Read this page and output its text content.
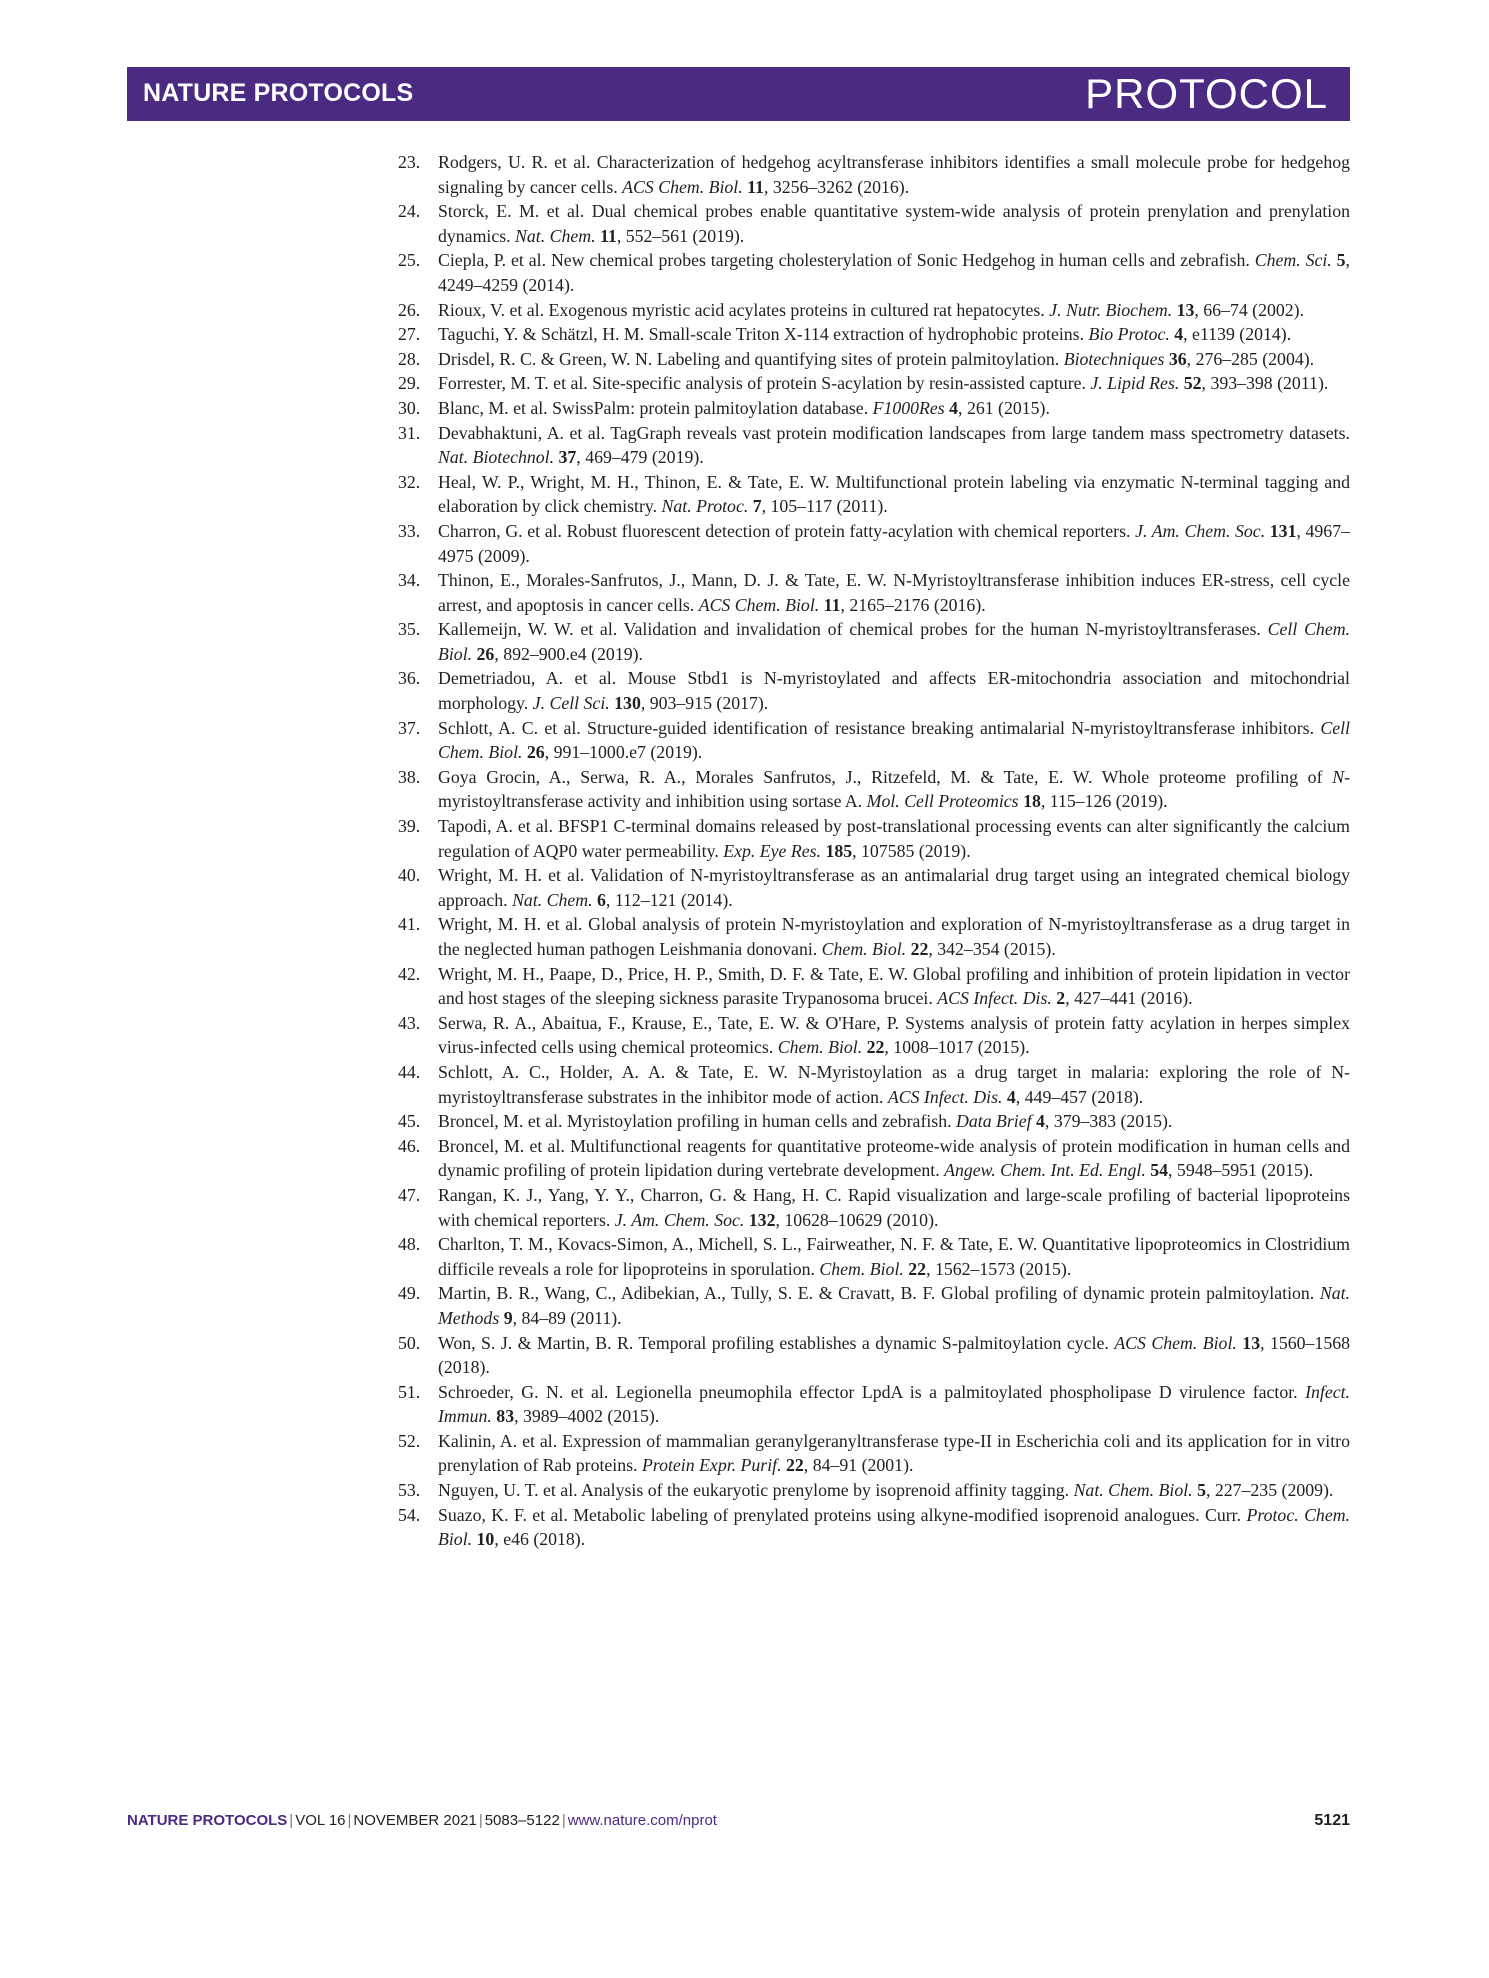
NATURE PROTOCOLS	PROTOCOL
23. Rodgers, U. R. et al. Characterization of hedgehog acyltransferase inhibitors identifies a small molecule probe for hedgehog signaling by cancer cells. ACS Chem. Biol. 11, 3256–3262 (2016).
24. Storck, E. M. et al. Dual chemical probes enable quantitative system-wide analysis of protein prenylation and prenylation dynamics. Nat. Chem. 11, 552–561 (2019).
25. Ciepla, P. et al. New chemical probes targeting cholesterylation of Sonic Hedgehog in human cells and zebrafish. Chem. Sci. 5, 4249–4259 (2014).
26. Rioux, V. et al. Exogenous myristic acid acylates proteins in cultured rat hepatocytes. J. Nutr. Biochem. 13, 66–74 (2002).
27. Taguchi, Y. & Schätzl, H. M. Small-scale Triton X-114 extraction of hydrophobic proteins. Bio Protoc. 4, e1139 (2014).
28. Drisdel, R. C. & Green, W. N. Labeling and quantifying sites of protein palmitoylation. Biotechniques 36, 276–285 (2004).
29. Forrester, M. T. et al. Site-specific analysis of protein S-acylation by resin-assisted capture. J. Lipid Res. 52, 393–398 (2011).
30. Blanc, M. et al. SwissPalm: protein palmitoylation database. F1000Res 4, 261 (2015).
31. Devabhaktuni, A. et al. TagGraph reveals vast protein modification landscapes from large tandem mass spectrometry datasets. Nat. Biotechnol. 37, 469–479 (2019).
32. Heal, W. P., Wright, M. H., Thinon, E. & Tate, E. W. Multifunctional protein labeling via enzymatic N-terminal tagging and elaboration by click chemistry. Nat. Protoc. 7, 105–117 (2011).
33. Charron, G. et al. Robust fluorescent detection of protein fatty-acylation with chemical reporters. J. Am. Chem. Soc. 131, 4967–4975 (2009).
34. Thinon, E., Morales-Sanfrutos, J., Mann, D. J. & Tate, E. W. N-Myristoyltransferase inhibition induces ER-stress, cell cycle arrest, and apoptosis in cancer cells. ACS Chem. Biol. 11, 2165–2176 (2016).
35. Kallemeijn, W. W. et al. Validation and invalidation of chemical probes for the human N-myristoyltransferases. Cell Chem. Biol. 26, 892–900.e4 (2019).
36. Demetriadou, A. et al. Mouse Stbd1 is N-myristoylated and affects ER-mitochondria association and mitochondrial morphology. J. Cell Sci. 130, 903–915 (2017).
37. Schlott, A. C. et al. Structure-guided identification of resistance breaking antimalarial N-myristoyltransferase inhibitors. Cell Chem. Biol. 26, 991–1000.e7 (2019).
38. Goya Grocin, A., Serwa, R. A., Morales Sanfrutos, J., Ritzefeld, M. & Tate, E. W. Whole proteome profiling of N-myristoyltransferase activity and inhibition using sortase A. Mol. Cell Proteomics 18, 115–126 (2019).
39. Tapodi, A. et al. BFSP1 C-terminal domains released by post-translational processing events can alter significantly the calcium regulation of AQP0 water permeability. Exp. Eye Res. 185, 107585 (2019).
40. Wright, M. H. et al. Validation of N-myristoyltransferase as an antimalarial drug target using an integrated chemical biology approach. Nat. Chem. 6, 112–121 (2014).
41. Wright, M. H. et al. Global analysis of protein N-myristoylation and exploration of N-myristoyltransferase as a drug target in the neglected human pathogen Leishmania donovani. Chem. Biol. 22, 342–354 (2015).
42. Wright, M. H., Paape, D., Price, H. P., Smith, D. F. & Tate, E. W. Global profiling and inhibition of protein lipidation in vector and host stages of the sleeping sickness parasite Trypanosoma brucei. ACS Infect. Dis. 2, 427–441 (2016).
43. Serwa, R. A., Abaitua, F., Krause, E., Tate, E. W. & O'Hare, P. Systems analysis of protein fatty acylation in herpes simplex virus-infected cells using chemical proteomics. Chem. Biol. 22, 1008–1017 (2015).
44. Schlott, A. C., Holder, A. A. & Tate, E. W. N-Myristoylation as a drug target in malaria: exploring the role of N-myristoyltransferase substrates in the inhibitor mode of action. ACS Infect. Dis. 4, 449–457 (2018).
45. Broncel, M. et al. Myristoylation profiling in human cells and zebrafish. Data Brief 4, 379–383 (2015).
46. Broncel, M. et al. Multifunctional reagents for quantitative proteome-wide analysis of protein modification in human cells and dynamic profiling of protein lipidation during vertebrate development. Angew. Chem. Int. Ed. Engl. 54, 5948–5951 (2015).
47. Rangan, K. J., Yang, Y. Y., Charron, G. & Hang, H. C. Rapid visualization and large-scale profiling of bacterial lipoproteins with chemical reporters. J. Am. Chem. Soc. 132, 10628–10629 (2010).
48. Charlton, T. M., Kovacs-Simon, A., Michell, S. L., Fairweather, N. F. & Tate, E. W. Quantitative lipoproteomics in Clostridium difficile reveals a role for lipoproteins in sporulation. Chem. Biol. 22, 1562–1573 (2015).
49. Martin, B. R., Wang, C., Adibekian, A., Tully, S. E. & Cravatt, B. F. Global profiling of dynamic protein palmitoylation. Nat. Methods 9, 84–89 (2011).
50. Won, S. J. & Martin, B. R. Temporal profiling establishes a dynamic S-palmitoylation cycle. ACS Chem. Biol. 13, 1560–1568 (2018).
51. Schroeder, G. N. et al. Legionella pneumophila effector LpdA is a palmitoylated phospholipase D virulence factor. Infect. Immun. 83, 3989–4002 (2015).
52. Kalinin, A. et al. Expression of mammalian geranylgeranyltransferase type-II in Escherichia coli and its application for in vitro prenylation of Rab proteins. Protein Expr. Purif. 22, 84–91 (2001).
53. Nguyen, U. T. et al. Analysis of the eukaryotic prenylome by isoprenoid affinity tagging. Nat. Chem. Biol. 5, 227–235 (2009).
54. Suazo, K. F. et al. Metabolic labeling of prenylated proteins using alkyne-modified isoprenoid analogues. Curr. Protoc. Chem. Biol. 10, e46 (2018).
NATURE PROTOCOLS | VOL 16 | NOVEMBER 2021 | 5083–5122 | www.nature.com/nprot	5121
